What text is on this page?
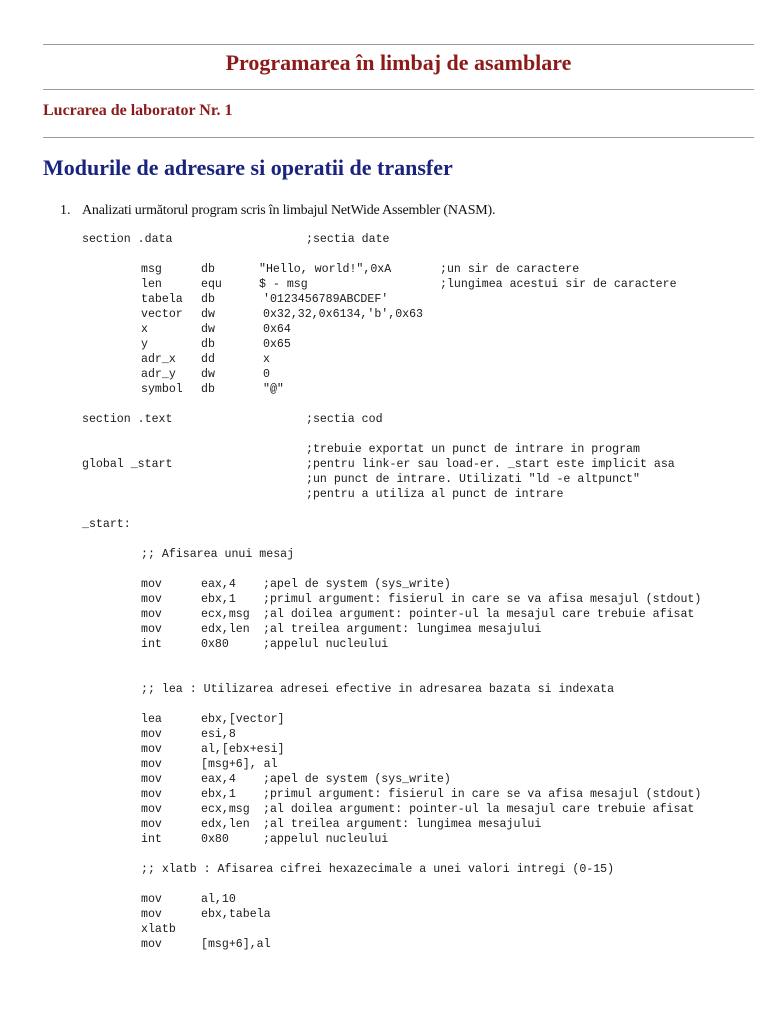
Programarea în limbaj de asamblare
Lucrarea de laborator Nr. 1
Modurile de adresare si operatii de transfer
1. Analizati următorul program scris în limbajul NetWide Assembler (NASM).
section .data	;sectia date
msg	db	"Hello, world!",0xA	;un sir de caractere
len	equ	$ - msg	;lungimea acestui sir de caractere
tabela db	'0123456789ABCDEF'
vector dw	0x32,32,0x6134,'b',0x63
x	dw	0x64
y	db	0x65
adr_x dd	x
adr_y dw	0
symbol db	"@"
section .text	;sectia cod
;trebuie exportat un punct de intrare in program
global _start	;pentru link-er sau load-er. _start este implicit asa
;un punct de intrare. Utilizati "ld -e altpunct"
;pentru a utiliza al punct de intrare
_start:
;; Afisarea unui mesaj
mov	eax,4 ;apel de system (sys_write)
mov	ebx,1 ;primul argument: fisierul in care se va afisa mesajul (stdout)
mov	ecx,msg ;al doilea argument: pointer-ul la mesajul care trebuie afisat
mov	edx,len ;al treilea argument: lungimea mesajului
int	0x80	;appelul nucleului
;; lea : Utilizarea adresei efective in adresarea bazata si indexata
lea	ebx,[vector]
mov	esi,8
mov	al,[ebx+esi]
mov	[msg+6], al
mov	eax,4 ;apel de system (sys_write)
mov	ebx,1 ;primul argument: fisierul in care se va afisa mesajul (stdout)
mov	ecx,msg ;al doilea argument: pointer-ul la mesajul care trebuie afisat
mov	edx,len ;al treilea argument: lungimea mesajului
int	0x80	;appelul nucleului
;; xlatb : Afisarea cifrei hexazecimale a unei valori intregi (0-15)
mov	al,10
mov	ebx,tabela
xlatb
mov	[msg+6],al
